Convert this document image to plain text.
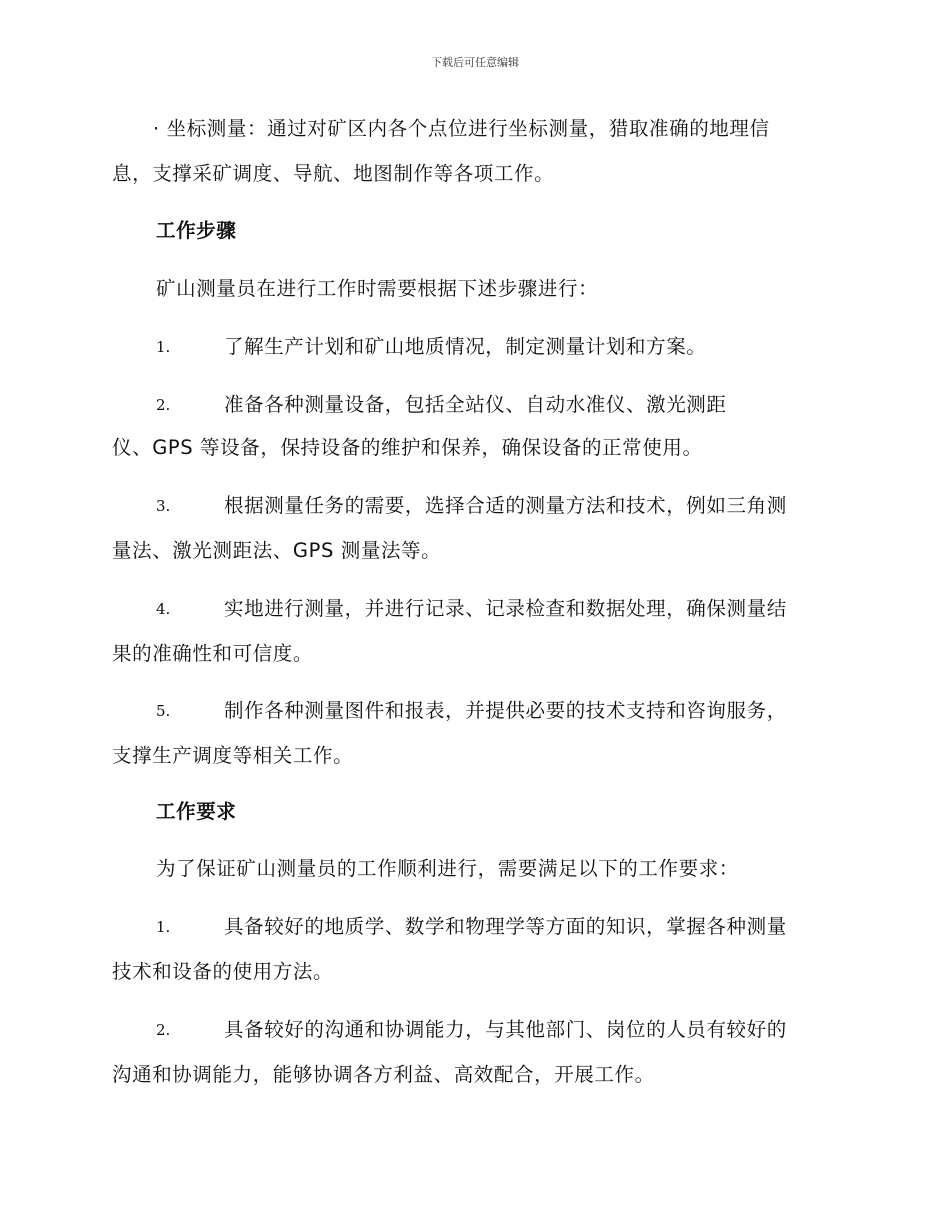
下载后可任意编辑
· 坐标测量：通过对矿区内各个点位进行坐标测量，猎取准确的地理信
息，支撑采矿调度、导航、地图制作等各项工作。
工作步骤
矿山测量员在进行工作时需要根据下述步骤进行：
1.	了解生产计划和矿山地质情况，制定测量计划和方案。
2.	准备各种测量设备，包括全站仪、自动水准仪、激光测距
仪、GPS 等设备，保持设备的维护和保养，确保设备的正常使用。
3.	根据测量任务的需要，选择合适的测量方法和技术，例如三角测
量法、激光测距法、GPS 测量法等。
4.	实地进行测量，并进行记录、记录检查和数据处理，确保测量结
果的准确性和可信度。
5.	制作各种测量图件和报表，并提供必要的技术支持和咨询服务，
支撑生产调度等相关工作。
工作要求
为了保证矿山测量员的工作顺利进行，需要满足以下的工作要求：
1.	具备较好的地质学、数学和物理学等方面的知识，掌握各种测量
技术和设备的使用方法。
2.	具备较好的沟通和协调能力，与其他部门、岗位的人员有较好的
沟通和协调能力，能够协调各方利益、高效配合，开展工作。
